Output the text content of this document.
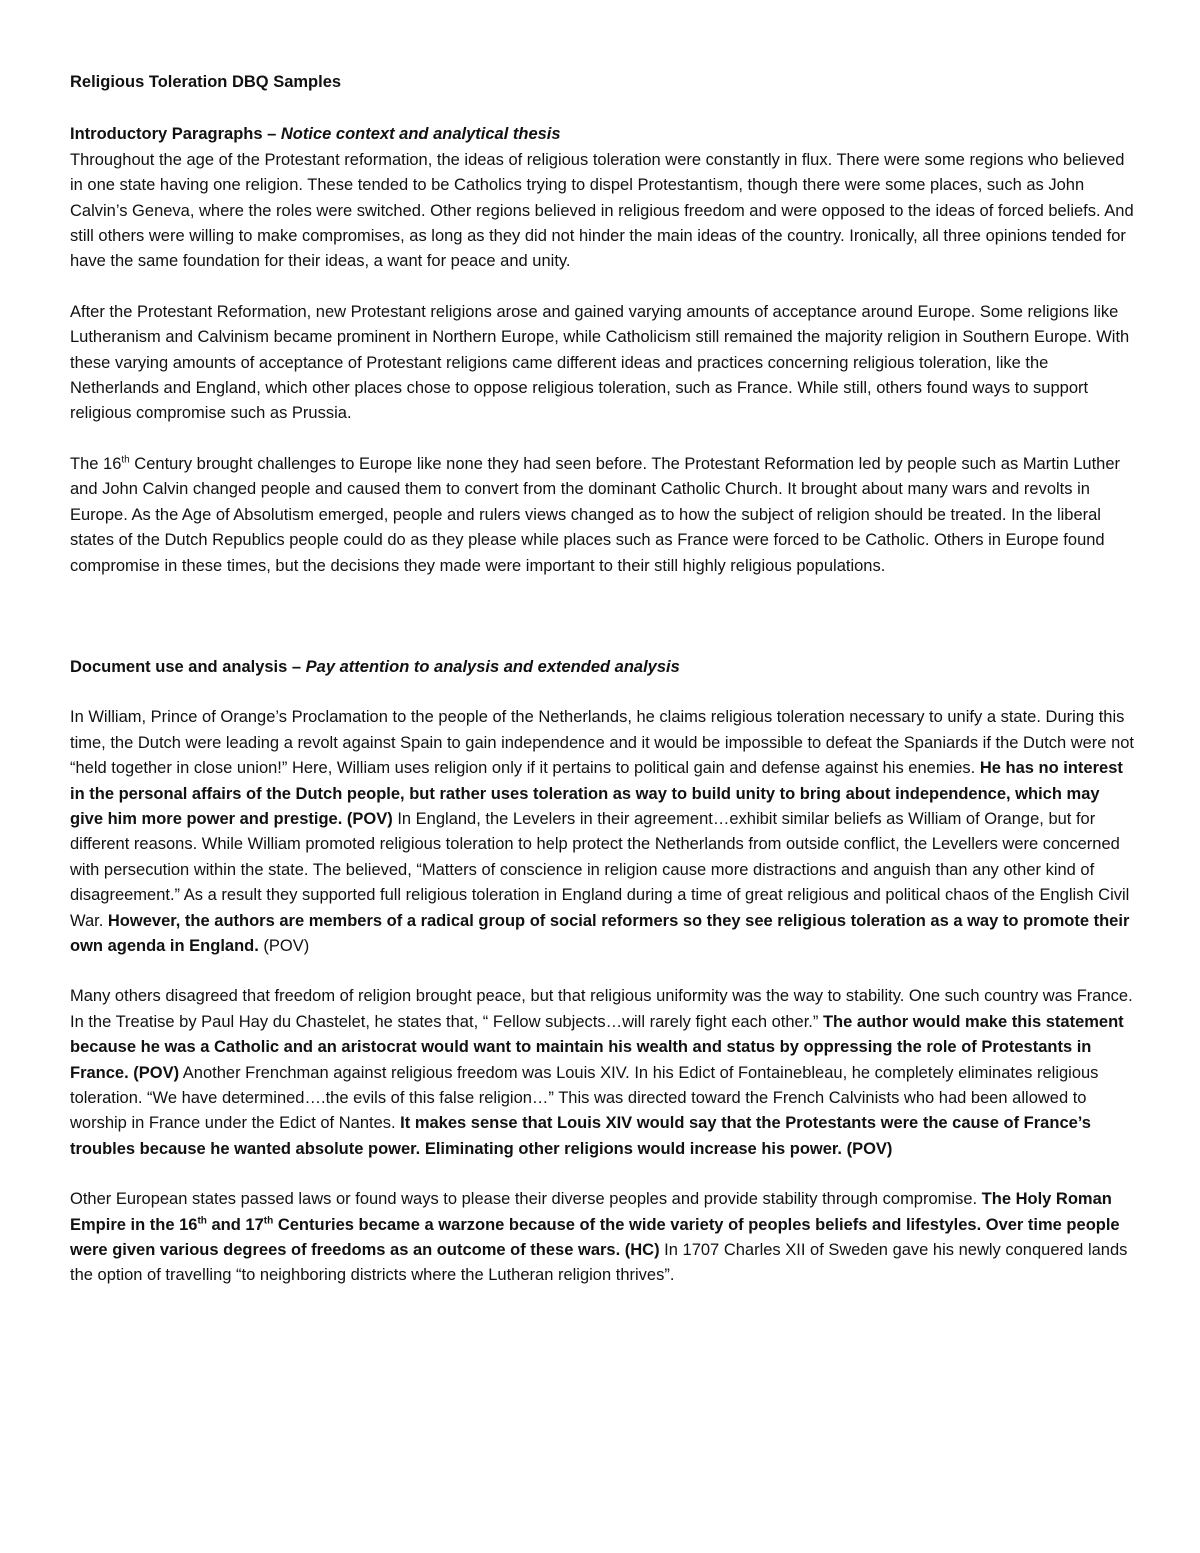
Religious Toleration DBQ Samples

Introductory Paragraphs – Notice context and analytical thesis

Throughout the age of the Protestant reformation, the ideas of religious toleration were constantly in flux. There were some regions who believed in one state having one religion. These tended to be Catholics trying to dispel Protestantism, though there were some places, such as John Calvin’s Geneva, where the roles were switched. Other regions believed in religious freedom and were opposed to the ideas of forced beliefs. And still others were willing to make compromises, as long as they did not hinder the main ideas of the country. Ironically, all three opinions tended for have the same foundation for their ideas, a want for peace and unity.

After the Protestant Reformation, new Protestant religions arose and gained varying amounts of acceptance around Europe. Some religions like Lutheranism and Calvinism became prominent in Northern Europe, while Catholicism still remained the majority religion in Southern Europe. With these varying amounts of acceptance of Protestant religions came different ideas and practices concerning religious toleration, like the Netherlands and England, which other places chose to oppose religious toleration, such as France. While still, others found ways to support religious compromise such as Prussia.

The 16th Century brought challenges to Europe like none they had seen before. The Protestant Reformation led by people such as Martin Luther and John Calvin changed people and caused them to convert from the dominant Catholic Church. It brought about many wars and revolts in Europe. As the Age of Absolutism emerged, people and rulers views changed as to how the subject of religion should be treated. In the liberal states of the Dutch Republics people could do as they please while places such as France were forced to be Catholic. Others in Europe found compromise in these times, but the decisions they made were important to their still highly religious populations.

Document use and analysis – Pay attention to analysis and extended analysis

In William, Prince of Orange’s Proclamation to the people of the Netherlands, he claims religious toleration necessary to unify a state. During this time, the Dutch were leading a revolt against Spain to gain independence and it would be impossible to defeat the Spaniards if the Dutch were not “held together in close union!” Here, William uses religion only if it pertains to political gain and defense against his enemies. He has no interest in the personal affairs of the Dutch people, but rather uses toleration as way to build unity to bring about independence, which may give him more power and prestige. (POV) In England, the Levelers in their agreement…exhibit similar beliefs as William of Orange, but for different reasons. While William promoted religious toleration to help protect the Netherlands from outside conflict, the Levellers were concerned with persecution within the state. The believed, “Matters of conscience in religion cause more distractions and anguish than any other kind of disagreement.” As a result they supported full religious toleration in England during a time of great religious and political chaos of the English Civil War. However, the authors are members of a radical group of social reformers so they see religious toleration as a way to promote their own agenda in England. (POV)

Many others disagreed that freedom of religion brought peace, but that religious uniformity was the way to stability. One such country was France. In the Treatise by Paul Hay du Chastelet, he states that, “ Fellow subjects…will rarely fight each other.” The author would make this statement because he was a Catholic and an aristocrat would want to maintain his wealth and status by oppressing the role of Protestants in France. (POV) Another Frenchman against religious freedom was Louis XIV. In his Edict of Fontainebleau, he completely eliminates religious toleration. “We have determined….the evils of this false religion…” This was directed toward the French Calvinists who had been allowed to worship in France under the Edict of Nantes. It makes sense that Louis XIV would say that the Protestants were the cause of France’s troubles because he wanted absolute power. Eliminating other religions would increase his power. (POV)

Other European states passed laws or found ways to please their diverse peoples and provide stability through compromise. The Holy Roman Empire in the 16th and 17th Centuries became a warzone because of the wide variety of peoples beliefs and lifestyles. Over time people were given various degrees of freedoms as an outcome of these wars. (HC) In 1707 Charles XII of Sweden gave his newly conquered lands the option of travelling “to neighboring districts where the Lutheran religion thrives”.
